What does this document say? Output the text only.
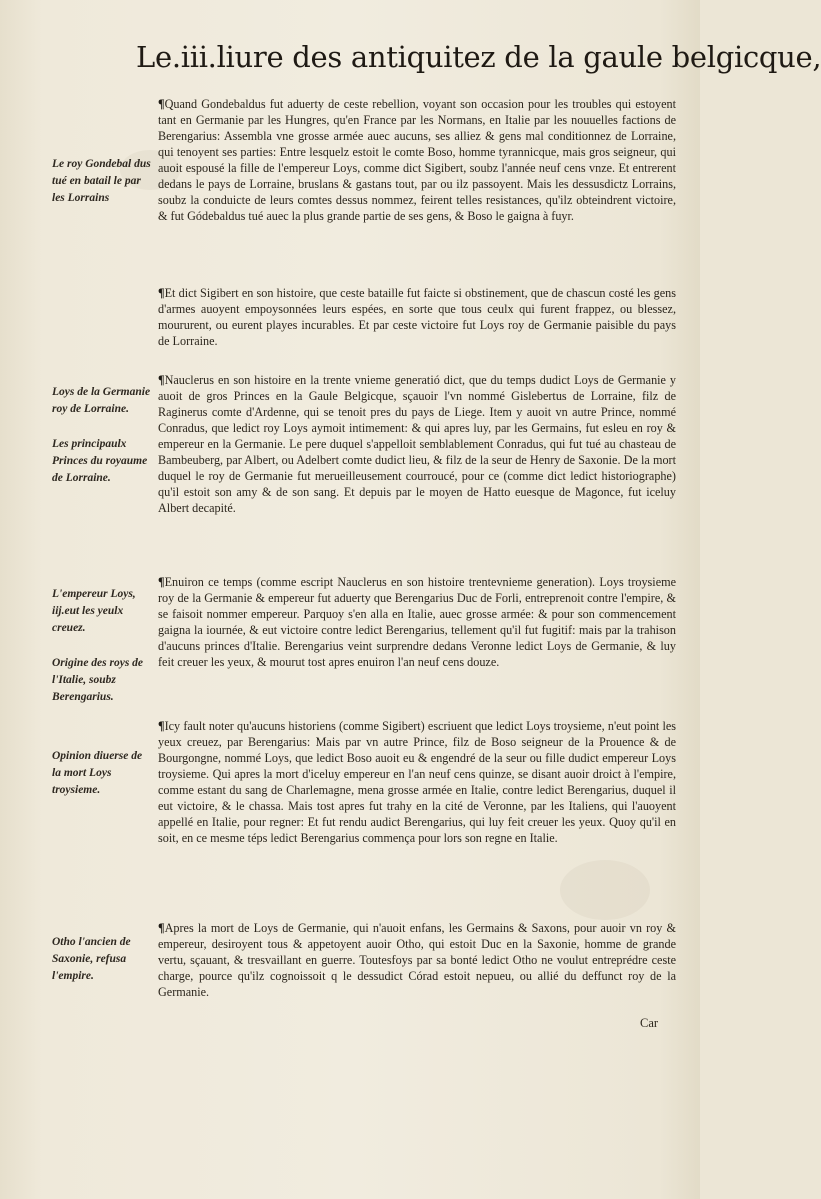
Le.iii.liure des antiquitez de la gaule belgicque,
Le roy Gondebal dus tué en batail le par les Lorrains
Loys de la Germanie roy de Lorraine.
Les principaulx Princes du royaume de Lorraine.
L'empereur Loys, iij.eut les yeulx creuez.
Origine des roys de l'Italie, soubz Berengarius.
Opinion diuerse de la mort Loys troysieme.
Otho l'ancien de Saxonie, refusa l'empire.
¶Quand Gondebaldus fut aduerty de ceste rebellion, voyant son occasion pour les troubles qui estoyent tant en Germanie par les Hungres, qu'en France par les Normans, en Italie par les nouuelles factions de Berengarius: Assembla vne grosse armée auec aucuns, ses alliez & gens mal conditionnez de Lorraine, qui tenoyent ses parties: Entre lesquelz estoit le comte Boso, homme tyrannicque, mais gros seigneur, qui auoit espousé la fille de l'empereur Loys, comme dict Sigibert, soubz l'année neuf cens vnze. Et entrerent dedans le pays de Lorraine, bruslans & gastans tout, par ou ilz passoyent. Mais les dessusdictz Lorrains, soubz la conduicte de leurs comtes dessus nommez, feirent telles resistances, qu'ilz obteindrent victoire, & fut Gódebaldus tué auec la plus grande partie de ses gens, & Boso le gaigna à fuyr.
¶Et dict Sigibert en son histoire, que ceste bataille fut faicte si obstinement, que de chascun costé les gens d'armes auoyent empoysonnées leurs espées, en sorte que tous ceulx qui furent frappez, ou blessez, moururent, ou eurent playes incurables. Et par ceste victoire fut Loys roy de Germanie paisible du pays de Lorraine.
¶Nauclerus en son histoire en la trente vnieme generatió dict, que du temps dudict Loys de Germanie y auoit de gros Princes en la Gaule Belgicque, sçauoir l'vn nommé Gislebertus de Lorraine, filz de Raginerus comte d'Ardenne, qui se tenoit pres du pays de Liege. Item y auoit vn autre Prince, nommé Conradus, que ledict roy Loys aymoit intimement: & qui apres luy, par les Germains, fut esleu en roy & empereur en la Germanie. Le pere duquel s'appelloit semblablement Conradus, qui fut tué au chasteau de Bambeuberg, par Albert, ou Adelbert comte dudict lieu, & filz de la seur de Henry de Saxonie. De la mort duquel le roy de Germanie fut merueilleusement courroucé, pour ce (comme dict ledict historiographe) qu'il estoit son amy & de son sang. Et depuis par le moyen de Hatto euesque de Magonce, fut iceluy Albert decapité.
¶Enuiron ce temps (comme escript Nauclerus en son histoire trentevnieme generation). Loys troysieme roy de la Germanie & empereur fut aduerty que Berengarius Duc de Forli, entreprenoit contre l'empire, & se faisoit nommer empereur. Parquoy s'en alla en Italie, auec grosse armée: & pour son commencement gaigna la iournée, & eut victoire contre ledict Berengarius, tellement qu'il fut fugitif: mais par la trahison d'aucuns princes d'Italie. Berengarius veint surprendre dedans Veronne ledict Loys de Germanie, & luy feit creuer les yeux, & mourut tost apres enuiron l'an neuf cens douze.
¶Icy fault noter qu'aucuns historiens (comme Sigibert) escriuent que ledict Loys troysieme, n'eut point les yeux creuez, par Berengarius: Mais par vn autre Prince, filz de Boso seigneur de la Prouence & de Bourgongne, nommé Loys, que ledict Boso auoit eu & engendré de la seur ou fille dudict empereur Loys troysieme. Qui apres la mort d'iceluy empereur en l'an neuf cens quinze, se disant auoir droict à l'empire, comme estant du sang de Charlemagne, mena grosse armée en Italie, contre ledict Berengarius, duquel il eut victoire, & le chassa. Mais tost apres fut trahy en la cité de Veronne, par les Italiens, qui l'auoyent appellé en Italie, pour regner: Et fut rendu audict Berengarius, qui luy feit creuer les yeux. Quoy qu'il en soit, en ce mesme téps ledict Berengarius commença pour lors son regne en Italie.
¶Apres la mort de Loys de Germanie, qui n'auoit enfans, les Germains & Saxons, pour auoir vn roy & empereur, desiroyent tous & appetoyent auoir Otho, qui estoit Duc en la Saxonie, homme de grande vertu, sçauant, & tresvaillant en guerre. Toutesfoys par sa bonté ledict Otho ne voulut entreprédre ceste charge, pource qu'ilz cognoissoit q le dessudict Córad estoit nepueu, ou allié du deffunct roy de la Germanie.
Car
